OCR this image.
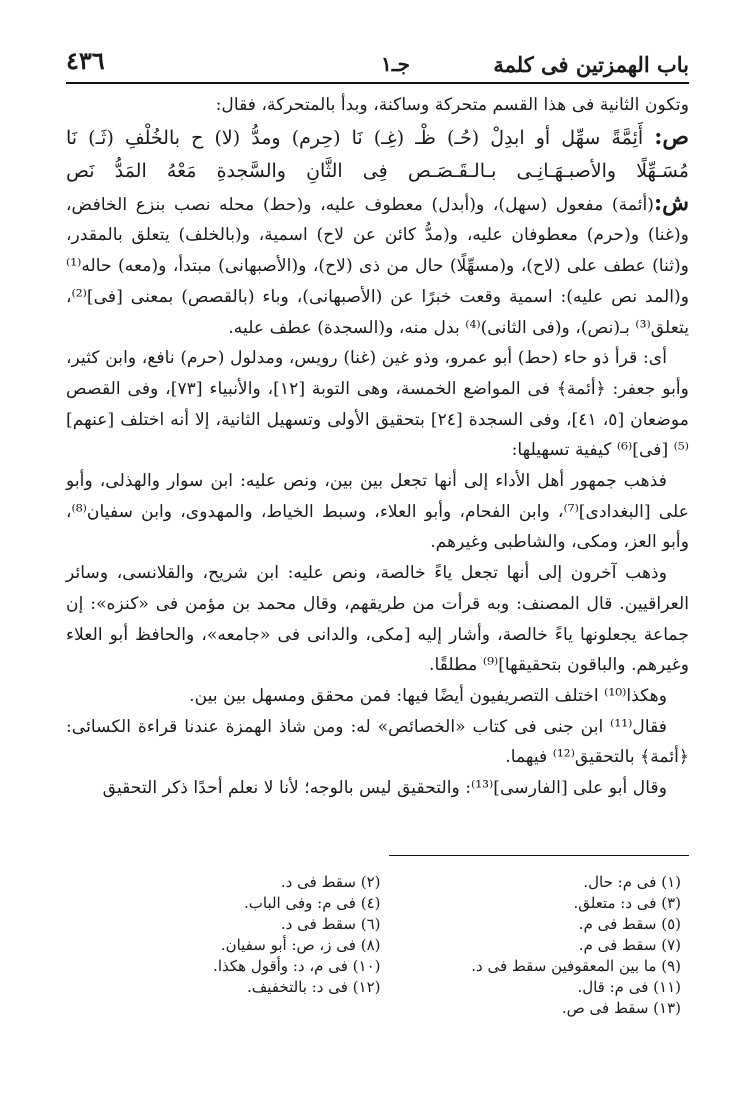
باب الهمزتين فى كلمة
جـ١
٤٣٦

وتكون الثانية فى هذا القسم متحركة وساكنة، وبدأ بالمتحركة، فقال:

ص: أَئِمَّةً سهِّل أو ابدِلْ (حُـ) ظْـ (غِـ) نَا (حِرم) ومدُّ (لا) ح بالخُلْفِ (ثَـ) نَا

مُسَـهِّلًا والأصبـهَـانِـى بـالـقَـصَـص فِى الثَّانِ والسَّجدةِ مَعْهُ المَدُّ نَص

ش:(أئمة) مفعول (سهل)، و(أبدل) معطوف عليه، و(حط) محله نصب بنزع الخافض، و(غنا) و(حرم) معطوفان عليه، و(مدُّ كائن عن لاح) اسمية، و(بالخلف) يتعلق بالمقدر، و(ثنا) عطف على (لاح)، و(مسهِّلًا) حال من ذى (لاح)، و(الأصبهانى) مبتدأ، و(معه) حاله⁽¹⁾ و(المد نص عليه): اسمية وقعت خبرًا عن (الأصبهانى)، وباء (بالقصص) بمعنى [فى]⁽²⁾، يتعلق⁽³⁾ بـ(نص)، و(فى الثانى)⁽⁴⁾ بدل منه، و(السجدة) عطف عليه.

أى: قرأ ذو حاء (حط) أبو عمرو، وذو غين (غنا) رويس، ومدلول (حرم) نافع، وابن كثير، وأبو جعفر: ﴿أئمة﴾ فى المواضع الخمسة، وهى التوبة [١٢]، والأنبياء [٧٣]، وفى القصص موضعان [٥، ٤١]، وفى السجدة [٢٤] بتحقيق الأولى وتسهيل الثانية، إلا أنه اختلف [عنهم]⁽⁵⁾ [فى]⁽⁶⁾ كيفية تسهيلها:

فذهب جمهور أهل الأداء إلى أنها تجعل بين بين، ونص عليه: ابن سوار والهذلى، وأبو على [البغدادى]⁽⁷⁾، وابن الفحام، وأبو العلاء، وسبط الخياط، والمهدوى، وابن سفيان⁽⁸⁾، وأبو العز، ومكى، والشاطبى وغيرهم.

وذهب آخرون إلى أنها تجعل ياءً خالصة، ونص عليه: ابن شريح، والقلانسى، وسائر العراقيين. قال المصنف: وبه قرأت من طريقهم، وقال محمد بن مؤمن فى «كنزه»: إن جماعة يجعلونها ياءً خالصة، وأشار إليه [مكى، والدانى فى «جامعه»، والحافظ أبو العلاء وغيرهم. والباقون بتحقيقها]⁽⁹⁾ مطلقًا.

وهكذا⁽¹⁰⁾ اختلف التصريفيون أيضًا فيها: فمن محقق ومسهل بين بين.

فقال⁽¹¹⁾ ابن جنى فى كتاب «الخصائص» له: ومن شاذ الهمزة عندنا قراءة الكسائى: ﴿أئمة﴾ بالتحقيق⁽¹²⁾ فيهما.

وقال أبو على [الفارسى]⁽¹³⁾: والتحقيق ليس بالوجه؛ لأنا لا نعلم أحدًا ذكر التحقيق

(١) فى م: حال.
(٣) فى د: متعلق.
(٥) سقط فى م.
(٧) سقط فى م.
(٩) ما بين المعقوفين سقط فى د.
(١١) فى م: قال.
(١٣) سقط فى ص.
(٢) سقط فى د.
(٤) فى م: وفى الباب.
(٦) سقط فى د.
(٨) فى ز، ص: أبو سفيان.
(١٠) فى م، د: وأقول هكذا.
(١٢) فى د: بالتخفيف.
